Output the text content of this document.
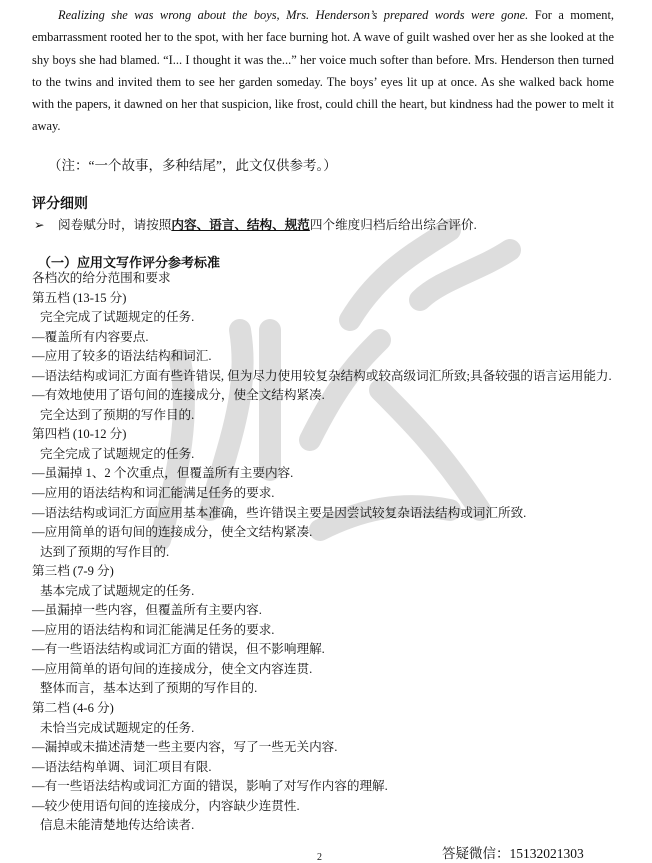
Realizing she was wrong about the boys, Mrs. Henderson’s prepared words were gone. For a moment, embarrassment rooted her to the spot, with her face burning hot. A wave of guilt washed over her as she looked at the shy boys she had blamed. “I... I thought it was the...” her voice much softer than before. Mrs. Henderson then turned to the twins and invited them to see her garden someday. The boys’ eyes lit up at once. As she walked back home with the papers, it dawned on her that suspicion, like frost, could chill the heart, but kindness had the power to melt it away.

（注：“一个故事，多种结尾”，此文仅供参考。）

评分细则

➢ 阅卷赋分时，请按照内容、语言、结构、规范四个维度归档后给出综合评价.

（一）应用文写作评分参考标准
各档次的给分范围和要求
第五档 (13-15 分)
完全完成了试题规定的任务.
—覆盖所有内容要点.
—应用了较多的语法结构和词汇.
—语法结构或词汇方面有些许错误, 但为尽力使用较复杂结构或较高级词汇所致;具备较强的语言运用能力.
—有效地使用了语句间的连接成分，使全文结构紧凑.
完全达到了预期的写作目的.
第四档 (10-12 分)
完全完成了试题规定的任务.
—虽漏掉 1、2 个次重点，但覆盖所有主要内容.
—应用的语法结构和词汇能满足任务的要求.
—语法结构或词汇方面应用基本准确，些许错误主要是因尝试较复杂语法结构或词汇所致.
—应用简单的语句间的连接成分，使全文结构紧凑.
达到了预期的写作目的.
第三档 (7-9 分)
基本完成了试题规定的任务.
—虽漏掉一些内容，但覆盖所有主要内容.
—应用的语法结构和词汇能满足任务的要求.
—有一些语法结构或词汇方面的错误，但不影响理解.
—应用简单的语句间的连接成分，使全文内容连贯.
整体而言，基本达到了预期的写作目的.
第二档 (4-6 分)
未恰当完成试题规定的任务.
—漏掉或未描述清楚一些主要内容，写了一些无关内容.
—语法结构单调、词汇项目有限.
—有一些语法结构或词汇方面的错误，影响了对写作内容的理解.
—较少使用语句间的连接成分，内容缺少连贯性.
信息未能清楚地传达给读者.

答疑微信：15132021303

2
